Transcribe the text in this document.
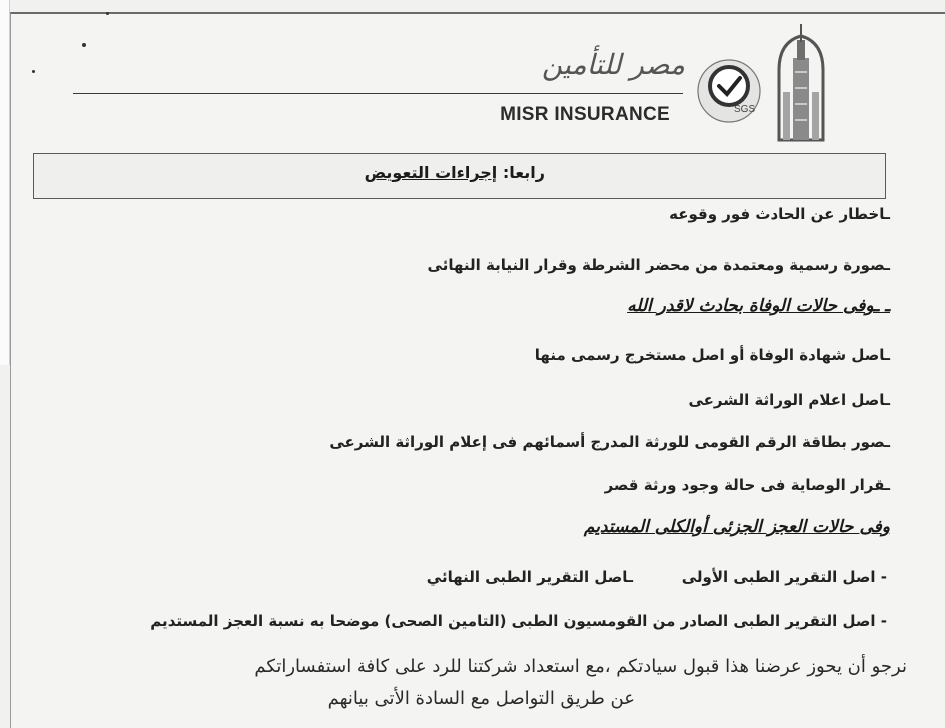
مصر للتأمين
MISR INSURANCE	SGS
رابعا: إجراءات التعويض
ـاخطار عن الحادث فور وقوعه
ـصورة رسمية ومعتمدة من محضر الشرطة وقرار النيابة النهائى
ـ ـوفى حالات الوفاة بحادث لاقدر الله
ـاصل شهادة الوفاة أو اصل مستخرج رسمى منها
ـاصل اعلام الوراثة الشرعى
ـصور بطاقة الرقم القومى للورثة المدرج أسمائهم فى إعلام الوراثة الشرعى
ـقرار الوصاية فى حالة وجود ورثة قصر
وفى حالات العجز الجزئى أوالكلى المستديم
- اصل التقرير الطبى الأولى
ـاصل التقرير الطبى النهائي
- اصل التقرير الطبى الصادر من القومسيون الطبى (التامين الصحى) موضحا به نسبة العجز المستديم
نرجو أن يحوز عرضنا هذا قبول سيادتكم ،مع استعداد شركتنا للرد على كافة استفساراتكم
عن طريق التواصل مع السادة الأتى بيانهم
